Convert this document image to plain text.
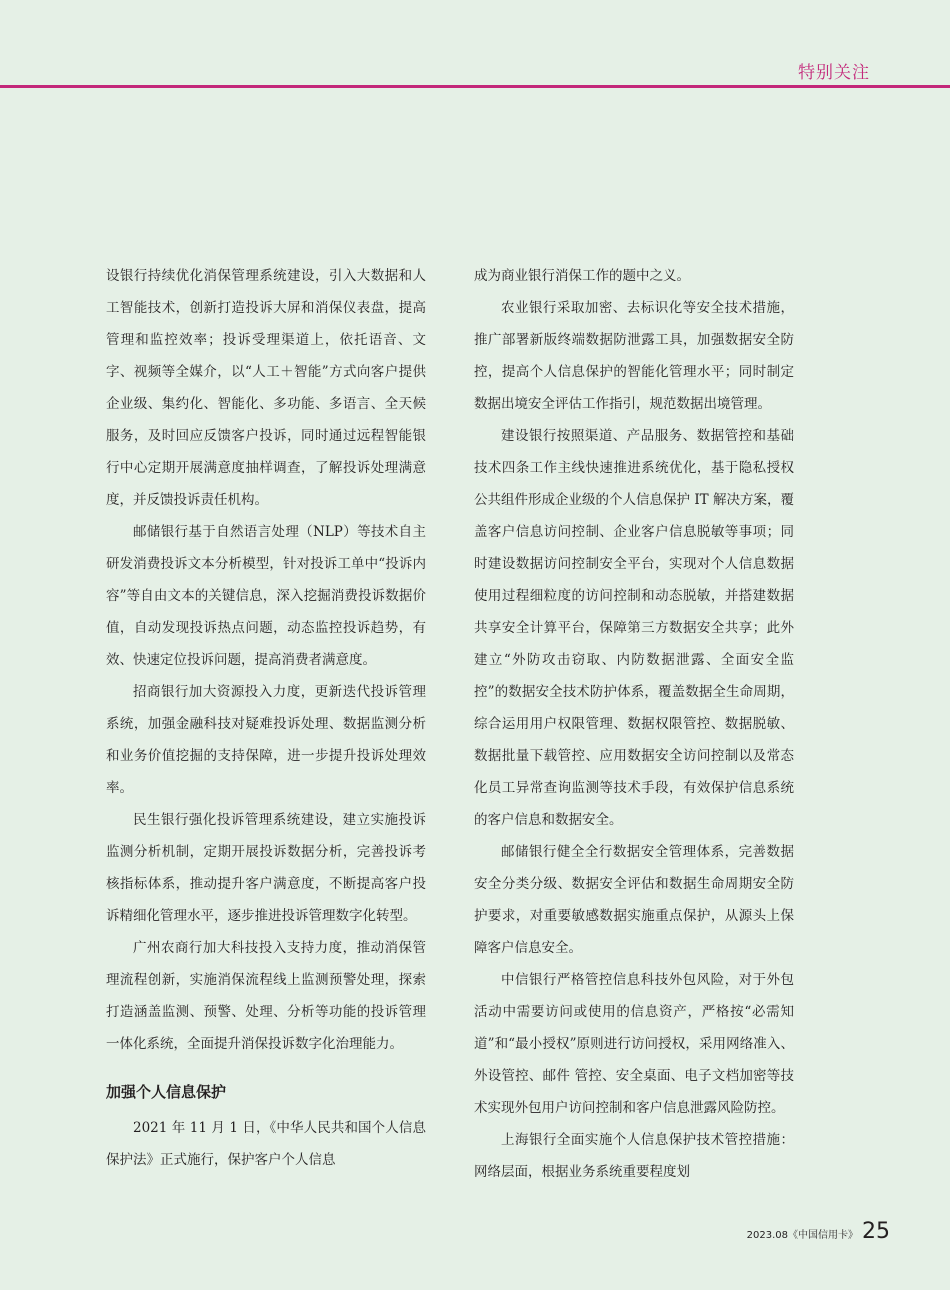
特别关注

设银行持续优化消保管理系统建设，引入大数据和人工智能技术，创新打造投诉大屏和消保仪表盘，提高管理和监控效率；投诉受理渠道上，依托语音、文字、视频等全媒介，以“人工＋智能”方式向客户提供企业级、集约化、智能化、多功能、多语言、全天候服务，及时回应反馈客户投诉，同时通过远程智能银行中心定期开展满意度抽样调查，了解投诉处理满意度，并反馈投诉责任机构。

邮储银行基于自然语言处理（NLP）等技术自主研发消费投诉文本分析模型，针对投诉工单中“投诉内容”等自由文本的关键信息，深入挖掘消费投诉数据价值，自动发现投诉热点问题，动态监控投诉趋势，有效、快速定位投诉问题，提高消费者满意度。

招商银行加大资源投入力度，更新迭代投诉管理系统，加强金融科技对疑难投诉处理、数据监测分析和业务价值挖掘的支持保障，进一步提升投诉处理效率。

民生银行强化投诉管理系统建设，建立实施投诉监测分析机制，定期开展投诉数据分析，完善投诉考核指标体系，推动提升客户满意度，不断提高客户投诉精细化管理水平，逐步推进投诉管理数字化转型。

广州农商行加大科技投入支持力度，推动消保管理流程创新，实施消保流程线上监测预警处理，探索打造涵盖监测、预警、处理、分析等功能的投诉管理一体化系统，全面提升消保投诉数字化治理能力。

加强个人信息保护

2021 年 11 月 1 日，《中华人民共和国个人信息保护法》正式施行，保护客户个人信息

成为商业银行消保工作的题中之义。

农业银行采取加密、去标识化等安全技术措施，推广部署新版终端数据防泄露工具，加强数据安全防控，提高个人信息保护的智能化管理水平；同时制定数据出境安全评估工作指引，规范数据出境管理。

建设银行按照渠道、产品服务、数据管控和基础技术四条工作主线快速推进系统优化，基于隐私授权公共组件形成企业级的个人信息保护 IT 解决方案，覆盖客户信息访问控制、企业客户信息脱敏等事项；同时建设数据访问控制安全平台，实现对个人信息数据使用过程细粒度的访问控制和动态脱敏，并搭建数据共享安全计算平台，保障第三方数据安全共享；此外建立“外防攻击窃取、内防数据泄露、全面安全监控”的数据安全技术防护体系，覆盖数据全生命周期，综合运用用户权限管理、数据权限管控、数据脱敏、数据批量下载管控、应用数据安全访问控制以及常态化员工异常查询监测等技术手段，有效保护信息系统的客户信息和数据安全。

邮储银行健全全行数据安全管理体系，完善数据安全分类分级、数据安全评估和数据生命周期安全防护要求，对重要敏感数据实施重点保护，从源头上保障客户信息安全。

中信银行严格管控信息科技外包风险，对于外包活动中需要访问或使用的信息资产，严格按“必需知道”和“最小授权”原则进行访问授权，采用网络准入、外设管控、邮件 管控、安全桌面、电子文档加密等技术实现外包用户访问控制和客户信息泄露风险防控。

上海银行全面实施个人信息保护技术管控措施：网络层面，根据业务系统重要程度划

2023.08《中国信用卡》 25
